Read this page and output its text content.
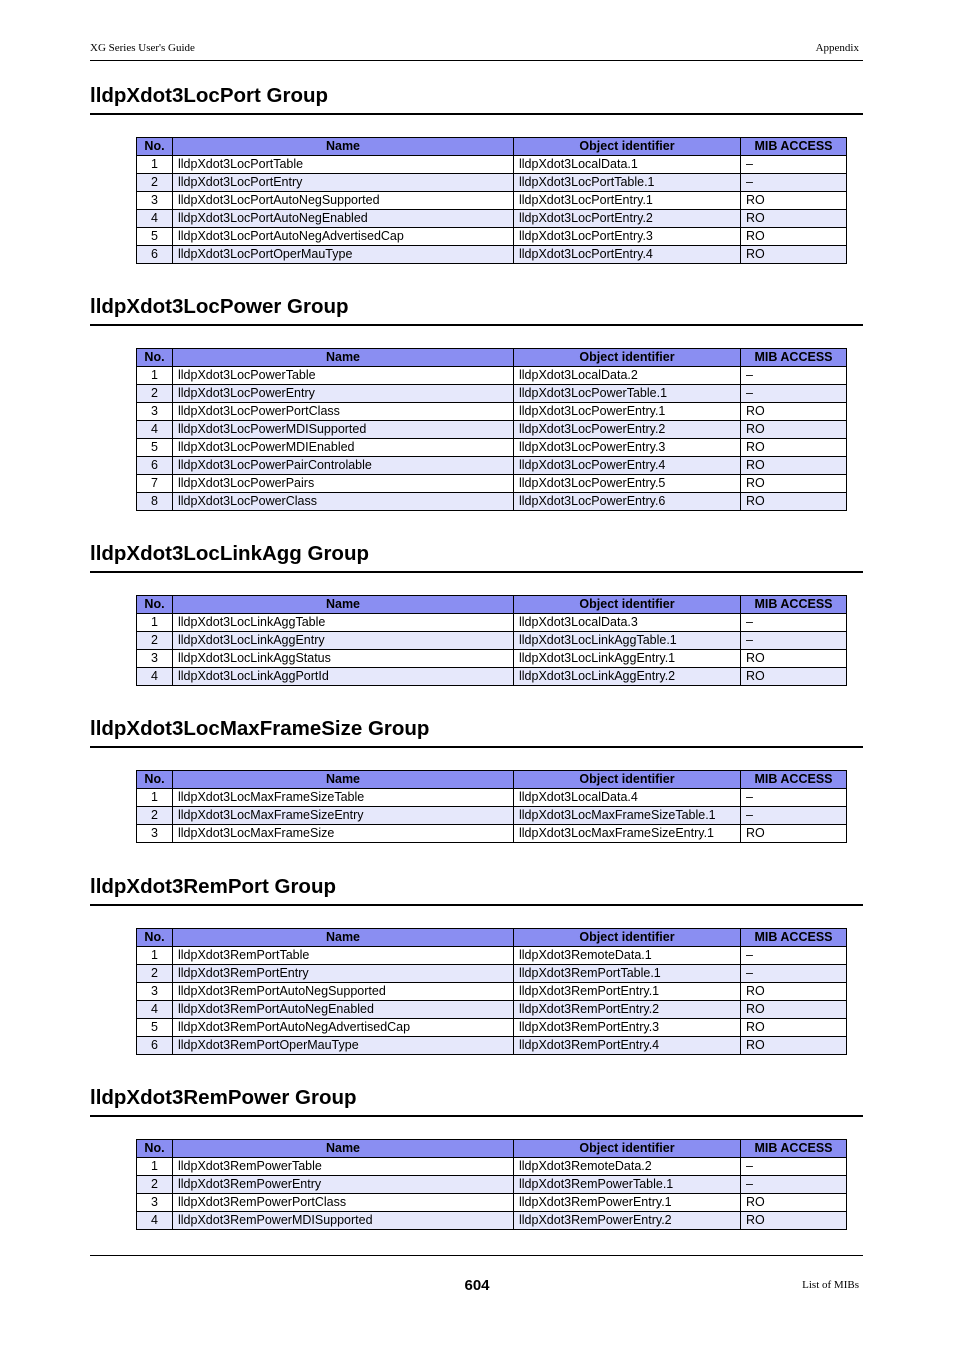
XG Series User's Guide	Appendix
lldpXdot3LocPort Group
No.	Name	Object identifier	MIB ACCESS
1	lldpXdot3LocPortTable	lldpXdot3LocalData.1	–
2	lldpXdot3LocPortEntry	lldpXdot3LocPortTable.1	–
3	lldpXdot3LocPortAutoNegSupported	lldpXdot3LocPortEntry.1	RO
4	lldpXdot3LocPortAutoNegEnabled	lldpXdot3LocPortEntry.2	RO
5	lldpXdot3LocPortAutoNegAdvertisedCap	lldpXdot3LocPortEntry.3	RO
6	lldpXdot3LocPortOperMauType	lldpXdot3LocPortEntry.4	RO
lldpXdot3LocPower Group
No.	Name	Object identifier	MIB ACCESS
1	lldpXdot3LocPowerTable	lldpXdot3LocalData.2	–
2	lldpXdot3LocPowerEntry	lldpXdot3LocPowerTable.1	–
3	lldpXdot3LocPowerPortClass	lldpXdot3LocPowerEntry.1	RO
4	lldpXdot3LocPowerMDISupported	lldpXdot3LocPowerEntry.2	RO
5	lldpXdot3LocPowerMDIEnabled	lldpXdot3LocPowerEntry.3	RO
6	lldpXdot3LocPowerPairControlable	lldpXdot3LocPowerEntry.4	RO
7	lldpXdot3LocPowerPairs	lldpXdot3LocPowerEntry.5	RO
8	lldpXdot3LocPowerClass	lldpXdot3LocPowerEntry.6	RO
lldpXdot3LocLinkAgg Group
No.	Name	Object identifier	MIB ACCESS
1	lldpXdot3LocLinkAggTable	lldpXdot3LocalData.3	–
2	lldpXdot3LocLinkAggEntry	lldpXdot3LocLinkAggTable.1	–
3	lldpXdot3LocLinkAggStatus	lldpXdot3LocLinkAggEntry.1	RO
4	lldpXdot3LocLinkAggPortId	lldpXdot3LocLinkAggEntry.2	RO
lldpXdot3LocMaxFrameSize Group
No.	Name	Object identifier	MIB ACCESS
1	lldpXdot3LocMaxFrameSizeTable	lldpXdot3LocalData.4	–
2	lldpXdot3LocMaxFrameSizeEntry	lldpXdot3LocMaxFrameSizeTable.1	–
3	lldpXdot3LocMaxFrameSize	lldpXdot3LocMaxFrameSizeEntry.1	RO
lldpXdot3RemPort Group
No.	Name	Object identifier	MIB ACCESS
1	lldpXdot3RemPortTable	lldpXdot3RemoteData.1	–
2	lldpXdot3RemPortEntry	lldpXdot3RemPortTable.1	–
3	lldpXdot3RemPortAutoNegSupported	lldpXdot3RemPortEntry.1	RO
4	lldpXdot3RemPortAutoNegEnabled	lldpXdot3RemPortEntry.2	RO
5	lldpXdot3RemPortAutoNegAdvertisedCap	lldpXdot3RemPortEntry.3	RO
6	lldpXdot3RemPortOperMauType	lldpXdot3RemPortEntry.4	RO
lldpXdot3RemPower Group
No.	Name	Object identifier	MIB ACCESS
1	lldpXdot3RemPowerTable	lldpXdot3RemoteData.2	–
2	lldpXdot3RemPowerEntry	lldpXdot3RemPowerTable.1	–
3	lldpXdot3RemPowerPortClass	lldpXdot3RemPowerEntry.1	RO
4	lldpXdot3RemPowerMDISupported	lldpXdot3RemPowerEntry.2	RO
604	List of MIBs
